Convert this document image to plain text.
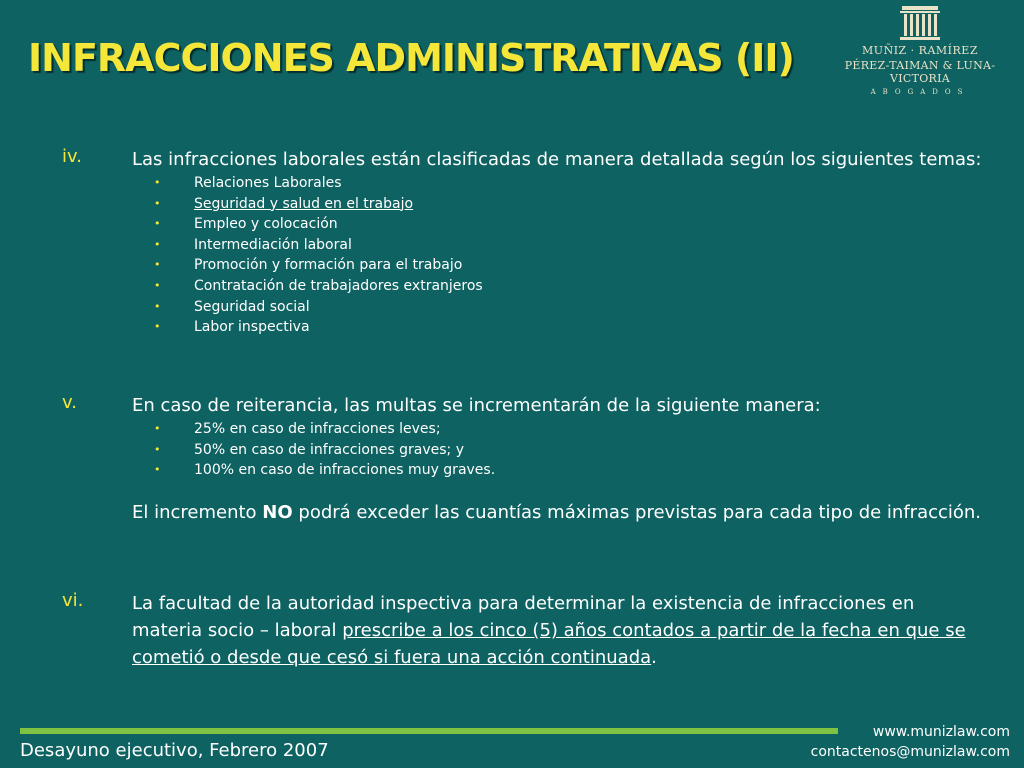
INFRACCIONES ADMINISTRATIVAS (II)	MUÑIZ · RAMÍREZ
PÉREZ-TAIMAN & LUNA-VICTORIA
ABOGADOS
iv.	Las infracciones laborales están clasificadas de manera detallada según los siguientes temas:
• Relaciones Laborales
• Seguridad y salud en el trabajo
• Empleo y colocación
• Intermediación laboral
• Promoción y formación para el trabajo
• Contratación de trabajadores extranjeros
• Seguridad social
• Labor inspectiva
v.	En caso de reiterancia, las multas se incrementarán de la siguiente manera:
• 25% en caso de infracciones leves;
• 50% en caso de infracciones graves; y
• 100% en caso de infracciones muy graves.
El incremento NO podrá exceder las cuantías máximas previstas para cada tipo de infracción.
vi.	La facultad de la autoridad inspectiva para determinar la existencia de infracciones en materia socio – laboral prescribe a los cinco (5) años contados a partir de la fecha en que se cometió o desde que cesó si fuera una acción continuada.
Desayuno ejecutivo, Febrero 2007
www.munizlaw.com
contactenos@munizlaw.com
